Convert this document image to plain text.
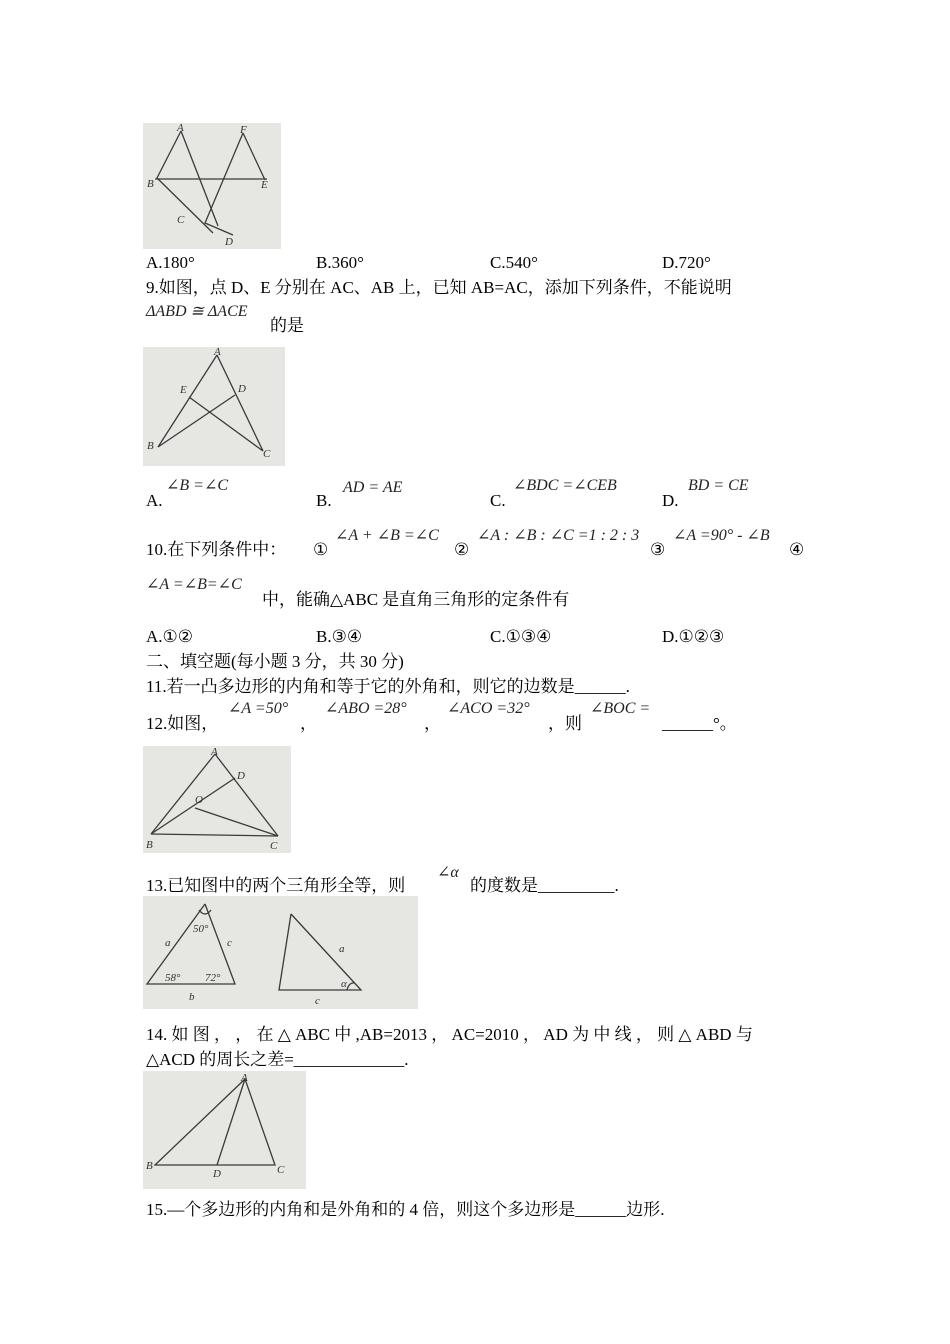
A	F
B	E
C
D
A.180°	B.360°	C.540°	D.720°
9.如图，点 D、E 分别在 AC、AB 上，已知 AB=AC，添加下列条件，不能说明
ΔABD ≅ ΔACE
的是
A
E	D
B
C
A.
∠B =∠C
B.
AD = AE
C.
∠BDC =∠CEB
D.
BD = CE
10.在下列条件中： ①
∠A + ∠B =∠C
②
∠A : ∠B : ∠C =1 : 2 : 3
③
∠A =90° - ∠B
④
∠A =∠B=∠C
中，能确△ABC 是直角三角形的定条件有
A.①②	B.③④	C.①③④	D.①②③
二、填空题(每小题 3 分，共 30 分)
11.若一凸多边形的内角和等于它的外角和，则它的边数是______.
12.如图，
∠A =50°
，
∠ABO =28°
，
∠ACO =32°
，则
∠BOC =
______°。
A
D
O
B	C
13.已知图中的两个三角形全等，则
∠α
的度数是_________.
50°
a	c
58° 72°
b
a
c
α
14. 如 图 ， ， 在 △ ABC 中 ,AB=2013 ， AC=2010 ， AD 为 中 线 ， 则 △ ABD 与
△ACD 的周长之差=_____________.
A
B
D	C
15.—个多边形的内角和是外角和的 4 倍，则这个多边形是______边形.
